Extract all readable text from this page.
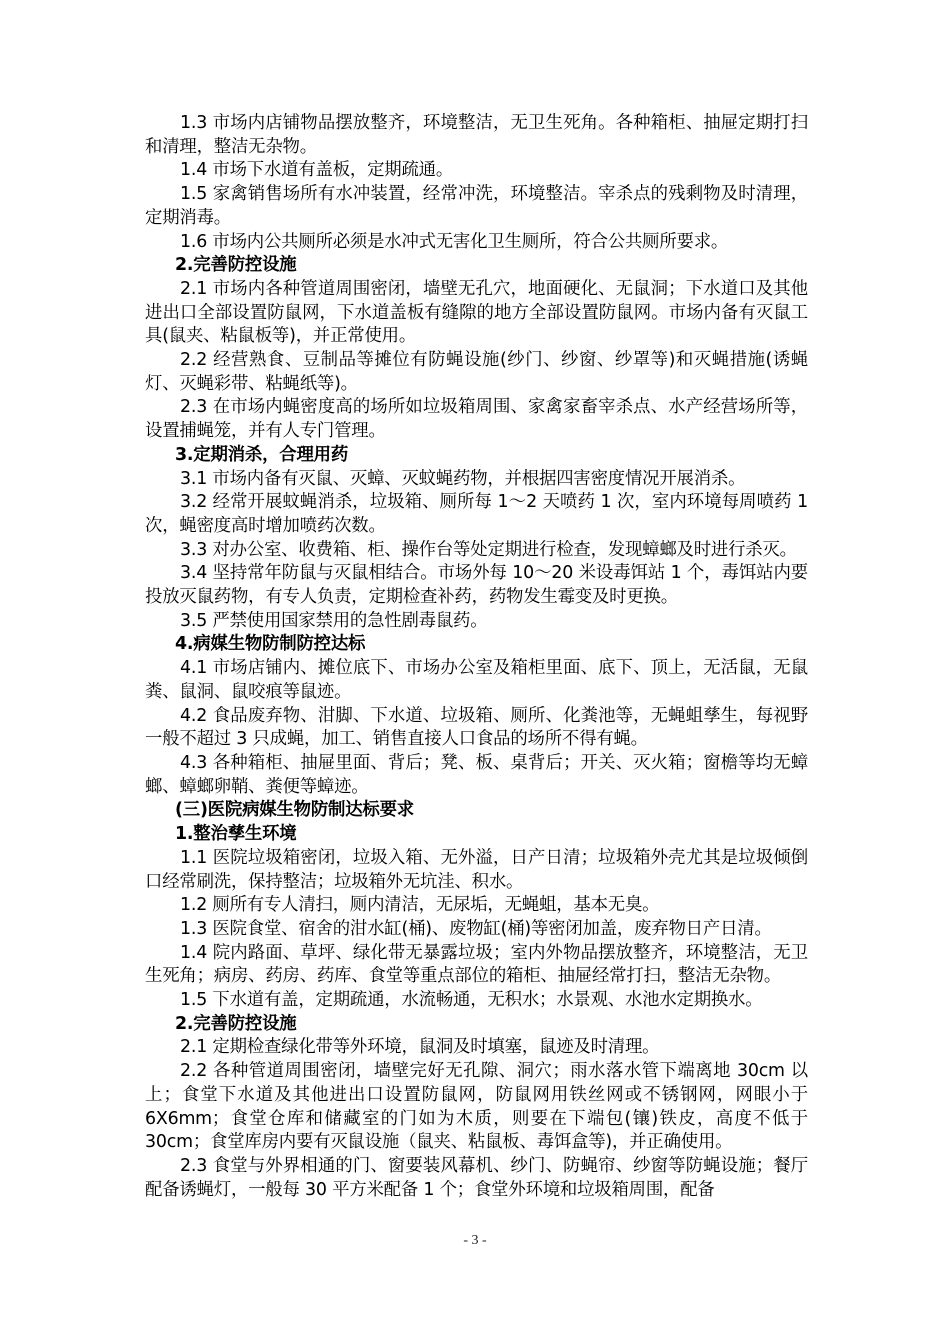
1.3 市场内店铺物品摆放整齐，环境整洁，无卫生死角。各种箱柜、抽屉定期打扫和清理，整洁无杂物。

1.4 市场下水道有盖板，定期疏通。

1.5 家禽销售场所有水冲装置，经常冲洗，环境整洁。宰杀点的残剩物及时清理，定期消毒。

1.6 市场内公共厕所必须是水冲式无害化卫生厕所，符合公共厕所要求。

2.完善防控设施

2.1 市场内各种管道周围密闭，墙壁无孔穴，地面硬化、无鼠洞；下水道口及其他进出口全部设置防鼠网，下水道盖板有缝隙的地方全部设置防鼠网。市场内备有灭鼠工具(鼠夹、粘鼠板等)，并正常使用。

2.2 经营熟食、豆制品等摊位有防蝇设施(纱门、纱窗、纱罩等)和灭蝇措施(诱蝇灯、灭蝇彩带、粘蝇纸等)。

2.3 在市场内蝇密度高的场所如垃圾箱周围、家禽家畜宰杀点、水产经营场所等，设置捕蝇笼，并有人专门管理。

3.定期消杀，合理用药

3.1 市场内备有灭鼠、灭蟑、灭蚊蝇药物，并根据四害密度情况开展消杀。

3.2 经常开展蚊蝇消杀，垃圾箱、厕所每 1～2 天喷药 1 次，室内环境每周喷药 1 次，蝇密度高时增加喷药次数。

3.3 对办公室、收费箱、柜、操作台等处定期进行检查，发现蟑螂及时进行杀灭。

3.4 坚持常年防鼠与灭鼠相结合。市场外每 10～20 米设毒饵站 1 个，毒饵站内要投放灭鼠药物，有专人负责，定期检查补药，药物发生霉变及时更换。

3.5 严禁使用国家禁用的急性剧毒鼠药。

4.病媒生物防制防控达标

4.1 市场店铺内、摊位底下、市场办公室及箱柜里面、底下、顶上，无活鼠，无鼠粪、鼠洞、鼠咬痕等鼠迹。

4.2 食品废弃物、泔脚、下水道、垃圾箱、厕所、化粪池等，无蝇蛆孳生，每视野一般不超过 3 只成蝇，加工、销售直接人口食品的场所不得有蝇。

4.3 各种箱柜、抽屉里面、背后；凳、板、桌背后；开关、灭火箱；窗檐等均无蟑螂、蟑螂卵鞘、粪便等蟑迹。

(三)医院病媒生物防制达标要求

1.整治孳生环境

1.1 医院垃圾箱密闭，垃圾入箱、无外溢，日产日清；垃圾箱外壳尤其是垃圾倾倒口经常刷洗，保持整洁；垃圾箱外无坑洼、积水。

1.2 厕所有专人清扫，厕内清洁，无尿垢，无蝇蛆，基本无臭。

1.3 医院食堂、宿舍的泔水缸(桶)、废物缸(桶)等密闭加盖，废弃物日产日清。

1.4 院内路面、草坪、绿化带无暴露垃圾；室内外物品摆放整齐，环境整洁，无卫生死角；病房、药房、药库、食堂等重点部位的箱柜、抽屉经常打扫，整洁无杂物。

1.5 下水道有盖，定期疏通，水流畅通，无积水；水景观、水池水定期换水。

2.完善防控设施

2.1 定期检查绿化带等外环境，鼠洞及时填塞，鼠迹及时清理。

2.2 各种管道周围密闭，墙壁完好无孔隙、洞穴；雨水落水管下端离地 30cm 以上；食堂下水道及其他进出口设置防鼠网，防鼠网用铁丝网或不锈钢网，网眼小于 6X6mm；食堂仓库和储藏室的门如为木质，则要在下端包(镶)铁皮，高度不低于 30cm；食堂库房内要有灭鼠设施（鼠夹、粘鼠板、毒饵盒等)，并正确使用。

2.3 食堂与外界相通的门、窗要装风幕机、纱门、防蝇帘、纱窗等防蝇设施；餐厅配备诱蝇灯，一般每 30 平方米配备 1 个；食堂外环境和垃圾箱周围，配备

- 3 -
